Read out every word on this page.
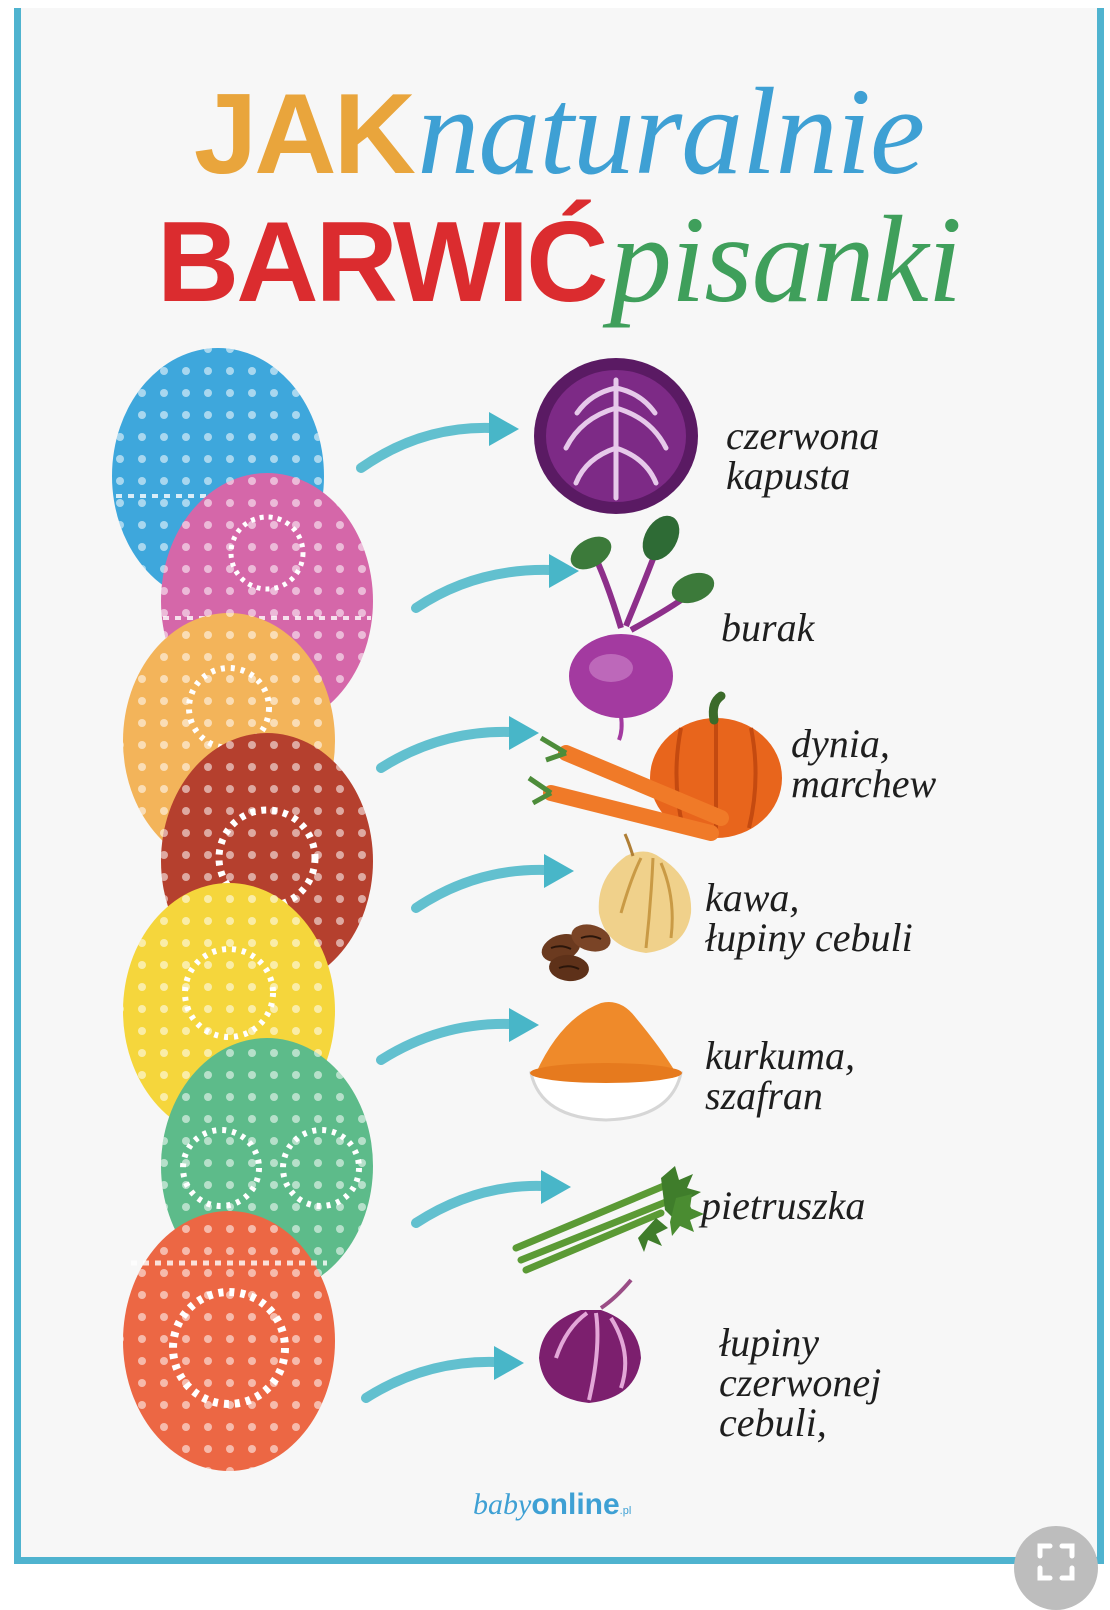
JAK naturalnie
BARWIĆ pisanki
czerwona
kapusta
burak
dynia,
marchew
kawa,
łupiny cebuli
kurkuma,
szafran
pietruszka
łupiny
czerwonej
cebuli,
babyonline.pl
